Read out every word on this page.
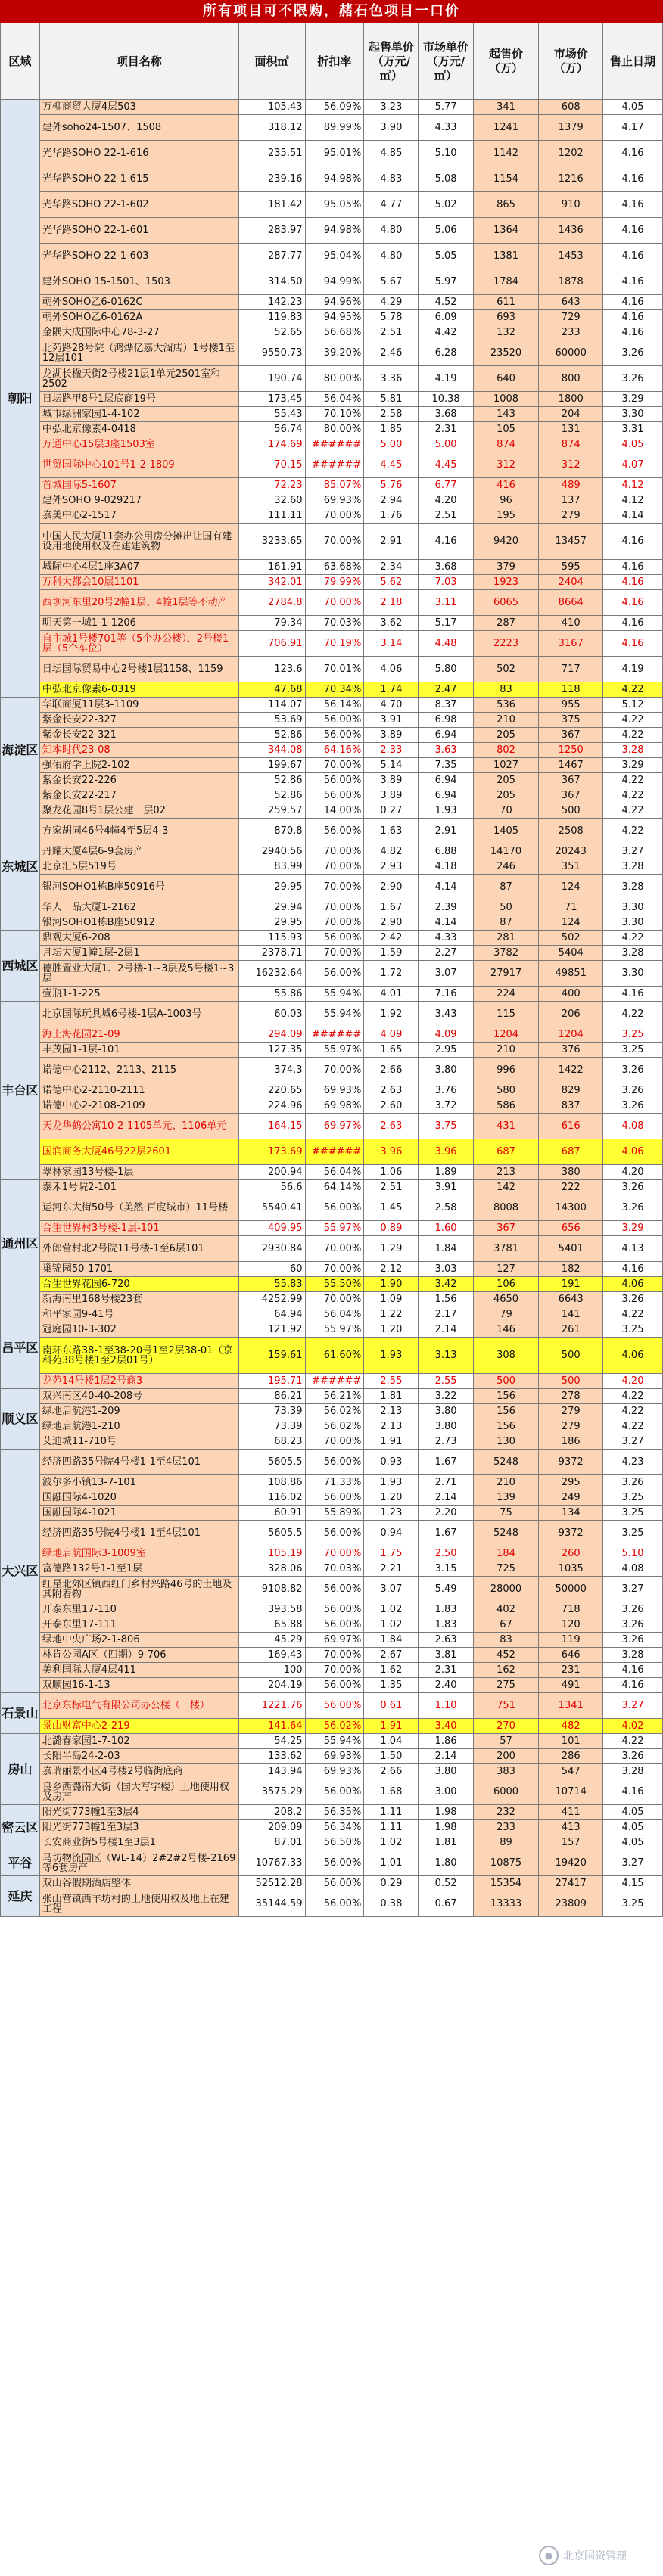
所有项目可不限购，赭石色项目一口价
区域	项目名称	面积㎡	折扣率	起售单价（万元/㎡）	市场单价（万元/㎡）	起售价（万）	市场价（万）	售止日期
朝阳	万柳商贸大厦4层503	105.43	56.09%	3.23	5.77	341	608	4.05
	建外soho24-1507、1508	318.12	89.99%	3.90	4.33	1241	1379	4.17
	光华路SOHO 22-1-616	235.51	95.01%	4.85	5.10	1142	1202	4.16
	光华路SOHO 22-1-615	239.16	94.98%	4.83	5.08	1154	1216	4.16
	光华路SOHO 22-1-602	181.42	95.05%	4.77	5.02	865	910	4.16
	光华路SOHO 22-1-601	283.97	94.98%	4.80	5.06	1364	1436	4.16
	光华路SOHO 22-1-603	287.77	95.04%	4.80	5.05	1381	1453	4.16
	建外SOHO 15-1501、1503	314.50	94.99%	5.67	5.97	1784	1878	4.16
	朝外SOHO乙6-0162C	142.23	94.96%	4.29	4.52	611	643	4.16
	朝外SOHO乙6-0162A	119.83	94.95%	5.78	6.09	693	729	4.16
	金隅大成国际中心78-3-27	52.65	56.68%	2.51	4.42	132	233	4.16
	北苑路28号院（鸿烨亿嘉大溜店）1号楼1至12层101	9550.73	39.20%	2.46	6.28	23520	60000	3.26
	龙湖长楹天街2号楼21层1单元2501室和2502	190.74	80.00%	3.36	4.19	640	800	3.26
	日坛路甲8号1层底商19号	173.45	56.04%	5.81	10.38	1008	1800	3.29
	城市绿洲家园1-4-102	55.43	70.10%	2.58	3.68	143	204	3.30
	中弘北京像素4-0418	56.74	80.00%	1.85	2.31	105	131	3.31
	万通中心15层3座1503室	174.69	######	5.00	5.00	874	874	4.05
	世贸国际中心101号1-2-1809	70.15	######	4.45	4.45	312	312	4.07
	首城国际5-1607	72.23	85.07%	5.76	6.77	416	489	4.12
	建外SOHO 9-029217	32.60	69.93%	2.94	4.20	96	137	4.12
	嘉美中心2-1517	111.11	70.00%	1.76	2.51	195	279	4.14
	中国人民大厦11套办公用房分摊出让国有建设用地使用权及在建建筑物	3233.65	70.00%	2.91	4.16	9420	13457	4.16
	城际中心4层1座3A07	161.91	63.68%	2.34	3.68	379	595	4.16
	万科大都会10层1101	342.01	79.99%	5.62	7.03	1923	2404	4.16
	西坝河东里20号2幢1层、4幢1层等不动产	2784.8	70.00%	2.18	3.11	6065	8664	4.16
	明天第一城1-1-1206	79.34	70.03%	3.62	5.17	287	410	4.16
	自主城1号楼701等（5个办公楼）、2号楼1层（5个车位）	706.91	70.19%	3.14	4.48	2223	3167	4.16
	日坛国际贸易中心2号楼1层1158、1159	123.6	70.01%	4.06	5.80	502	717	4.19
	中弘北京像素6-0319	47.68	70.34%	1.74	2.47	83	118	4.22
海淀区	华联商厦11层3-1109	114.07	56.14%	4.70	8.37	536	955	5.12
	紫金长安22-327	53.69	56.00%	3.91	6.98	210	375	4.22
	紫金长安22-321	52.86	56.00%	3.89	6.94	205	367	4.22
	知本时代23-08	344.08	64.16%	2.33	3.63	802	1250	3.28
	强佑府学上院2-102	199.67	70.00%	5.14	7.35	1027	1467	3.29
	紫金长安22-226	52.86	56.00%	3.89	6.94	205	367	4.22
	紫金长安22-217	52.86	56.00%	3.89	6.94	205	367	4.22
东城区	聚龙花园8号1层公建一层02	259.57	14.00%	0.27	1.93	70	500	4.22
	方家胡同46号4幢4至5层4-3	870.8	56.00%	1.63	2.91	1405	2508	4.22
	丹耀大厦4层6-9套房产	2940.56	70.00%	4.82	6.88	14170	20243	3.27
	北京汇5层519号	83.99	70.00%	2.93	4.18	246	351	3.28
	银河SOHO1栋B座50916号	29.95	70.00%	2.90	4.14	87	124	3.28
	华人一品大厦1-2162	29.94	70.00%	1.67	2.39	50	71	3.30
	银河SOHO1栋B座50912	29.95	70.00%	2.90	4.14	87	124	3.30
西城区	鼎观大厦6-208	115.93	56.00%	2.42	4.33	281	502	4.22
	月坛大厦1幢1层-2层1	2378.71	70.00%	1.59	2.27	3782	5404	3.28
	德胜置业大厦1、2号楼-1~3层及5号楼1~3层	16232.64	56.00%	1.72	3.07	27917	49851	3.30
	壹瓶1-1-225	55.86	55.94%	4.01	7.16	224	400	4.16
丰台区	北京国际玩具城6号楼-1层A-1003号	60.03	55.94%	1.92	3.43	115	206	4.22
	海上海花园21-09	294.09	######	4.09	4.09	1204	1204	3.25
	丰茂园1-1层-101	127.35	55.97%	1.65	2.95	210	376	3.25
	诺德中心2112、2113、2115	374.3	70.00%	2.66	3.80	996	1422	3.26
	诺德中心2-2110-2111	220.65	69.93%	2.63	3.76	580	829	3.26
	诺德中心2-2108-2109	224.96	69.98%	2.60	3.72	586	837	3.26
	天龙华鹤公寓10-2-1105单元、1106单元	164.15	69.97%	2.63	3.75	431	616	4.08
	国润商务大厦46号22层2601	173.69	######	3.96	3.96	687	687	4.06
	翠林家园13号楼-1层	200.94	56.04%	1.06	1.89	213	380	4.20
通州区	泰禾1号院2-101	56.6	64.14%	2.51	3.91	142	222	3.26
	运河东大街50号（美然·百度城市）11号楼	5540.41	56.00%	1.45	2.58	8008	14300	3.26
	合生世界村3号楼-1层-101	409.95	55.97%	0.89	1.60	367	656	3.29
	外郎营村北2号院11号楼-1至6层101	2930.84	70.00%	1.29	1.84	3781	5401	4.13
	巢锦园50-1701	60	70.00%	2.12	3.03	127	182	4.16
	合生世界花园6-720	55.83	55.50%	1.90	3.42	106	191	4.06
	新海南里168号楼23套	4252.99	70.00%	1.09	1.56	4650	6643	3.26
昌平区	和平家园9-41号	64.94	56.04%	1.22	2.17	79	141	4.22
	冠庭园10-3-302	121.92	55.97%	1.20	2.14	146	261	3.25
	南环东路38-1至38-20号1至2层38-01（京科苑38号楼1至2层01号）	159.61	61.60%	1.93	3.13	308	500	4.06
	龙苑14号楼1层2号商3	195.71	######	2.55	2.55	500	500	4.20
顺义区	双兴南区40-40-208号	86.21	56.21%	1.81	3.22	156	278	4.22
	绿地启航港1-209	73.39	56.02%	2.13	3.80	156	279	4.22
	绿地启航港1-210	73.39	56.02%	2.13	3.80	156	279	4.22
	艾迪城11-710号	68.23	70.00%	1.91	2.73	130	186	3.27
大兴区	经济四路35号院4号楼1-1至4层101	5605.5	56.00%	0.93	1.67	5248	9372	4.23
	波尔多小镇13-7-101	108.86	71.33%	1.93	2.71	210	295	3.26
	国融国际4-1020	116.02	56.00%	1.20	2.14	139	249	3.25
	国融国际4-1021	60.91	55.89%	1.23	2.20	75	134	3.25
	经济四路35号院4号楼1-1至4层101	5605.5	56.00%	0.94	1.67	5248	9372	3.25
	绿地启航国际3-1009室	105.19	70.00%	1.75	2.50	184	260	5.10
	富德路132号1-1至1层	328.06	70.03%	2.21	3.15	725	1035	4.08
	红星北郊区镇西红门乡村兴路46号的土地及其附着物	9108.82	56.00%	3.07	5.49	28000	50000	3.27
	开泰东里17-110	393.58	56.00%	1.02	1.83	402	718	3.26
	开泰东里17-111	65.88	56.00%	1.02	1.83	67	120	3.26
	绿地中央广场2-1-806	45.29	69.97%	1.84	2.63	83	119	3.26
	林肯公园A区（四期）9-706	169.43	70.00%	2.67	3.81	452	646	3.28
	美利国际大厦4层411	100	70.00%	1.62	2.31	162	231	4.16
	双顺园16-1-13	204.19	56.00%	1.35	2.40	275	491	4.16
石景山	北京东标电气有限公司办公楼（一楼）	1221.76	56.00%	0.61	1.10	751	1341	3.27
	景山财富中心2-219	141.64	56.02%	1.91	3.40	270	482	4.02
房山	北潞春家园1-7-102	54.25	55.94%	1.04	1.86	57	101	4.22
	长阳半岛24-2-03	133.62	69.93%	1.50	2.14	200	286	3.26
	嘉瑞丽景小区4号楼2号临街底商	143.94	69.93%	2.66	3.80	383	547	3.28
	良乡西潞南大街（国大写字楼）土地使用权及房产	3575.29	56.00%	1.68	3.00	6000	10714	4.16
密云区	阳光街773幢1至3层4	208.2	56.35%	1.11	1.98	232	411	4.05
	阳光街773幢1至3层3	209.09	56.34%	1.11	1.98	233	413	4.05
	长安商业街5号楼1至3层1	87.01	56.50%	1.02	1.81	89	157	4.05
平谷	马坊物流园区（WL-14）2#2#2号楼-2169等6套房产	10767.33	56.00%	1.01	1.80	10875	19420	3.27
延庆	双山谷假期酒店整体	52512.28	56.00%	0.29	0.52	15354	27417	4.15
	张山营镇西羊坊村的土地使用权及地上在建工程	35144.59	56.00%	0.38	0.67	13333	23809	3.25
● 北京国资管理
